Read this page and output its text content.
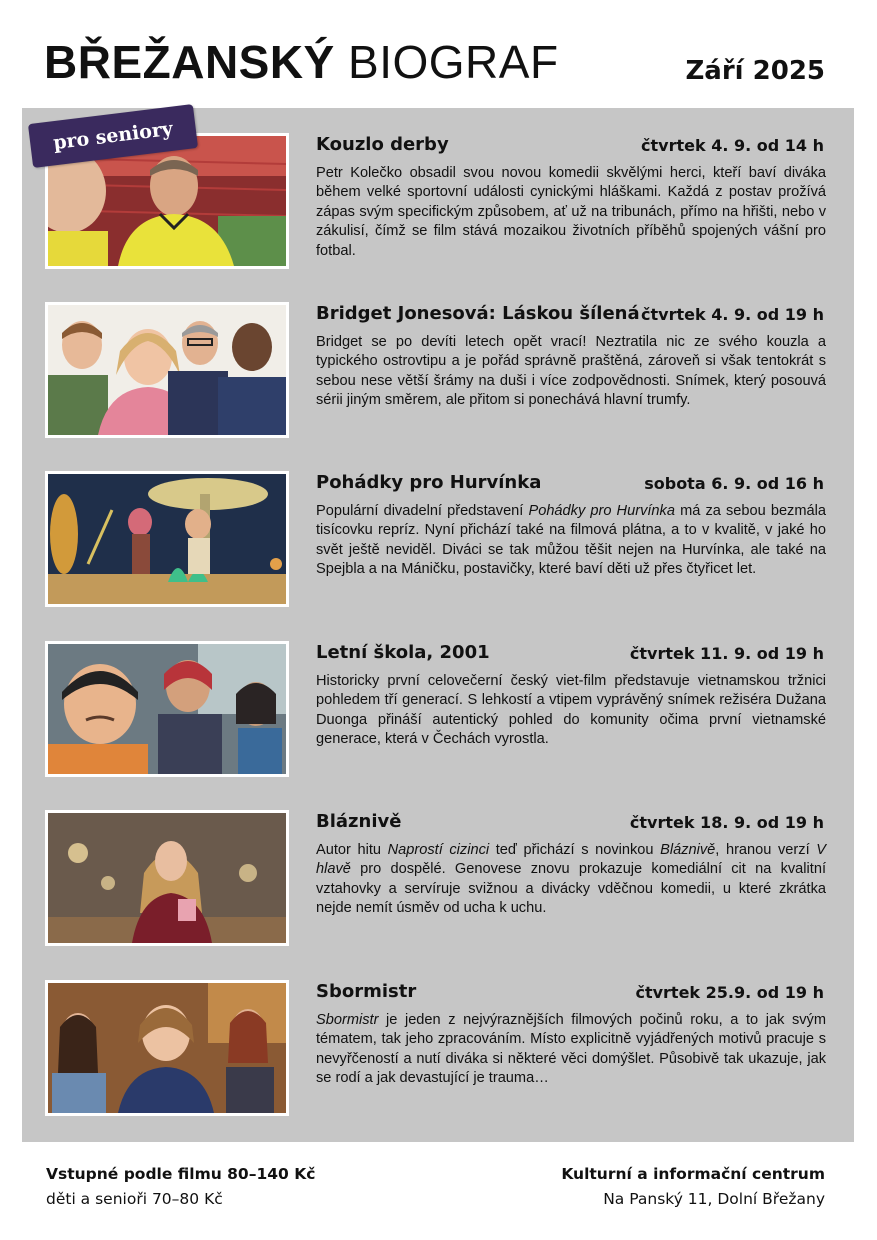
BŘEŽANSKÝ BIOGRAF	Září 2025
pro seniory	Kouzlo derby	čtvrtek 4. 9. od 14 h

Petr Kolečko obsadil svou novou komedii skvělými herci, kteří baví diváka během velké sportovní události cynickými hláškami. Každá z postav prožívá zápas svým specifickým způsobem, ať už na tribunách, přímo na hřišti, nebo v zákulisí, čímž se film stává mozaikou životních příběhů spojených vášní pro fotbal.

Bridget Jonesová: Láskou šílená čtvrtek 4. 9. od 19 h

Bridget se po devíti letech opět vrací! Neztratila nic ze svého kouzla a typického ostrovtipu a je pořád správně praštěná, zároveň si však tentokrát s sebou nese větší šrámy na duši i více zodpovědnosti. Snímek, který posouvá sérii jiným směrem, ale přitom si ponechává hlavní trumfy.

Pohádky pro Hurvínka	sobota 6. 9. od 16 h

Populární divadelní představení Pohádky pro Hurvínka má za sebou bezmála tisícovku repríz. Nyní přichází také na filmová plátna, a to v kvalitě, v jaké ho svět ještě neviděl. Diváci se tak můžou těšit nejen na Hurvínka, ale také na Spejbla a na Máničku, postavičky, které baví děti už přes čtyřicet let.

Letní škola, 2001	čtvrtek 11. 9. od 19 h

Historicky první celovečerní český viet-film představuje vietnamskou tržnici pohledem tří generací. S lehkostí a vtipem vyprávěný snímek režiséra Dužana Duonga přináší autentický pohled do komunity očima první vietnamské generace, která v Čechách vyrostla.

Bláznivě	čtvrtek 18. 9. od 19 h

Autor hitu Naprostí cizinci teď přichází s novinkou Bláznivě, hranou verzí V hlavě pro dospělé. Genovese znovu prokazuje komediální cit na kvalitní vztahovky a servíruje svižnou a divácky vděčnou komedii, u které zkrátka nejde nemít úsměv od ucha k uchu.

Sbormistr	čtvrtek 25.9. od 19 h

Sbormistr je jeden z nejvýraznějších filmových počinů roku, a to jak svým tématem, tak jeho zpracováním. Místo explicitně vyjádřených motivů pracuje s nevyřčeností a nutí diváka si některé věci domýšlet. Působivě tak ukazuje, jak se rodí a jak devastující je trauma…

Vstupné podle filmu 80–140 Kč
děti a senioři 70–80 Kč
Kulturní a informační centrum
Na Panský 11, Dolní Břežany
